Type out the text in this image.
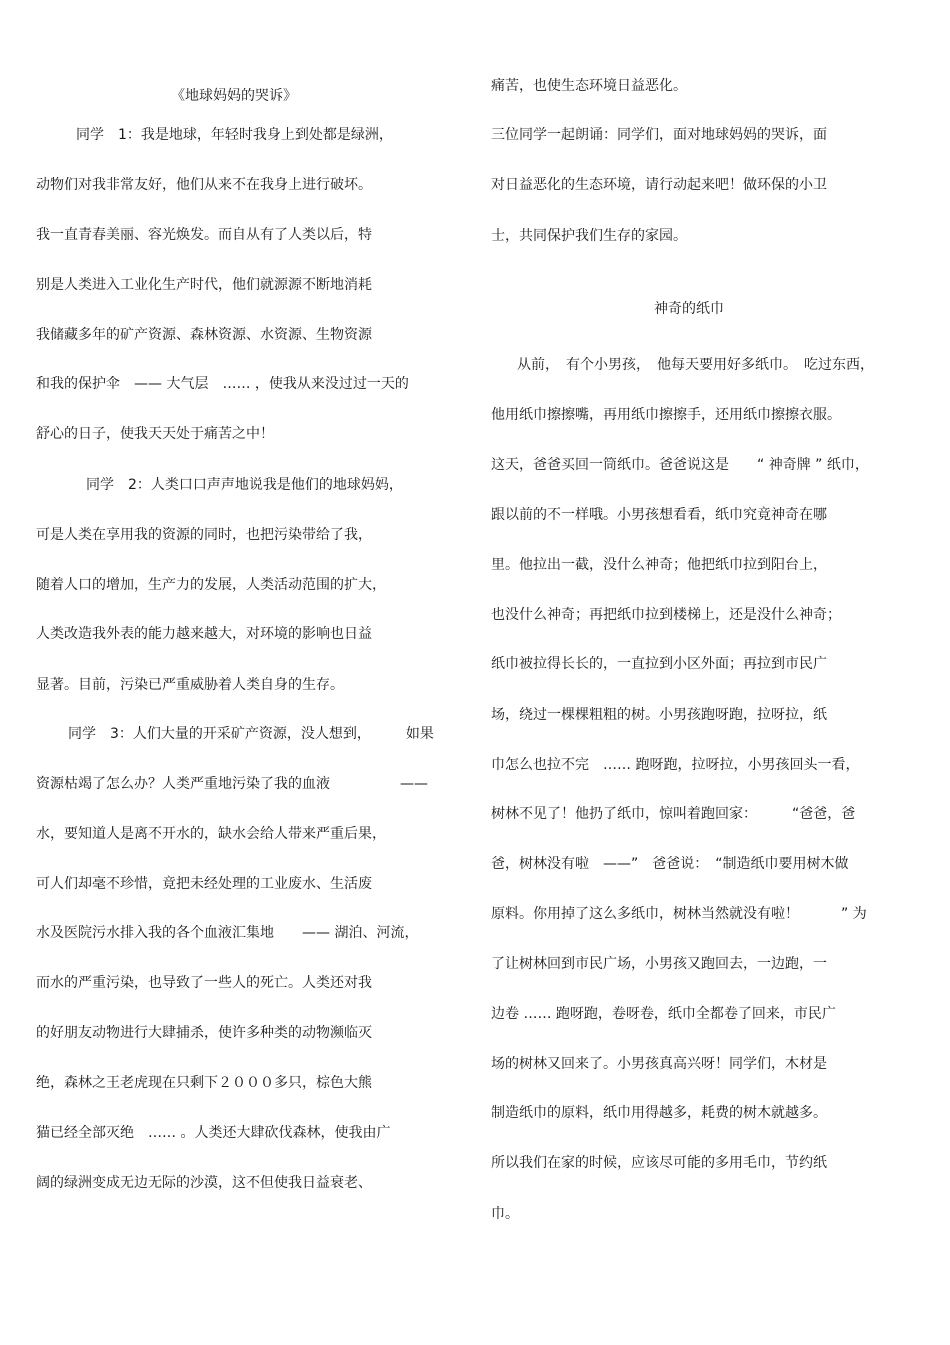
《地球妈妈的哭诉》
同学　1：我是地球，年轻时我身上到处都是绿洲，
动物们对我非常友好，他们从来不在我身上进行破坏。
我一直青春美丽、容光焕发。而自从有了人类以后，特
别是人类进入工业化生产时代，他们就源源不断地消耗
我储藏多年的矿产资源、森林资源、水资源、生物资源
和我的保护伞　—— 大气层　…… ，使我从来没过过一天的
舒心的日子，使我天天处于痛苦之中！
同学　2：人类口口声声地说我是他们的地球妈妈，
可是人类在享用我的资源的同时，也把污染带给了我，
随着人口的增加，生产力的发展，人类活动范围的扩大，
人类改造我外表的能力越来越大，对环境的影响也日益
显著。目前，污染已严重威胁着人类自身的生存。
同学　3：人们大量的开采矿产资源，没人想到，　　　如果
资源枯竭了怎么办？人类严重地污染了我的血液　　　　　——
水，要知道人是离不开水的，缺水会给人带来严重后果，
可人们却毫不珍惜，竟把未经处理的工业废水、生活废
水及医院污水排入我的各个血液汇集地　　—— 湖泊、河流，
而水的严重污染，也导致了一些人的死亡。人类还对我
的好朋友动物进行大肆捕杀，使许多种类的动物濒临灭
绝，森林之王老虎现在只剩下２０００多只，棕色大熊
猫已经全部灭绝　…… 。人类还大肆砍伐森林，使我由广
阔的绿洲变成无边无际的沙漠，这不但使我日益衰老、
痛苦，也使生态环境日益恶化。
三位同学一起朗诵：同学们，面对地球妈妈的哭诉，面
对日益恶化的生态环境，请行动起来吧！做环保的小卫
士，共同保护我们生存的家园。
神奇的纸巾
从前，　有个小男孩，　他每天要用好多纸巾。　吃过东西，
他用纸巾擦擦嘴，再用纸巾擦擦手，还用纸巾擦擦衣服。
这天，爸爸买回一筒纸巾。爸爸说这是　　“ 神奇牌 ” 纸巾，
跟以前的不一样哦。小男孩想看看，纸巾究竟神奇在哪
里。他拉出一截，没什么神奇；他把纸巾拉到阳台上，
也没什么神奇；再把纸巾拉到楼梯上，还是没什么神奇；
纸巾被拉得长长的，一直拉到小区外面；再拉到市民广
场，绕过一棵棵粗粗的树。小男孩跑呀跑，拉呀拉，纸
巾怎么也拉不完　…… 跑呀跑，拉呀拉，小男孩回头一看，
树林不见了！他扔了纸巾，惊叫着跑回家：　　　“爸爸，爸
爸，树林没有啦　——”　爸爸说：　“制造纸巾要用树木做
原料。你用掉了这么多纸巾，树林当然就没有啦！　　　” 为
了让树林回到市民广场，小男孩又跑回去，一边跑，一
边卷 …… 跑呀跑，卷呀卷，纸巾全都卷了回来，市民广
场的树林又回来了。小男孩真高兴呀！同学们，木材是
制造纸巾的原料，纸巾用得越多，耗费的树木就越多。
所以我们在家的时候，应该尽可能的多用毛巾，节约纸
巾。
